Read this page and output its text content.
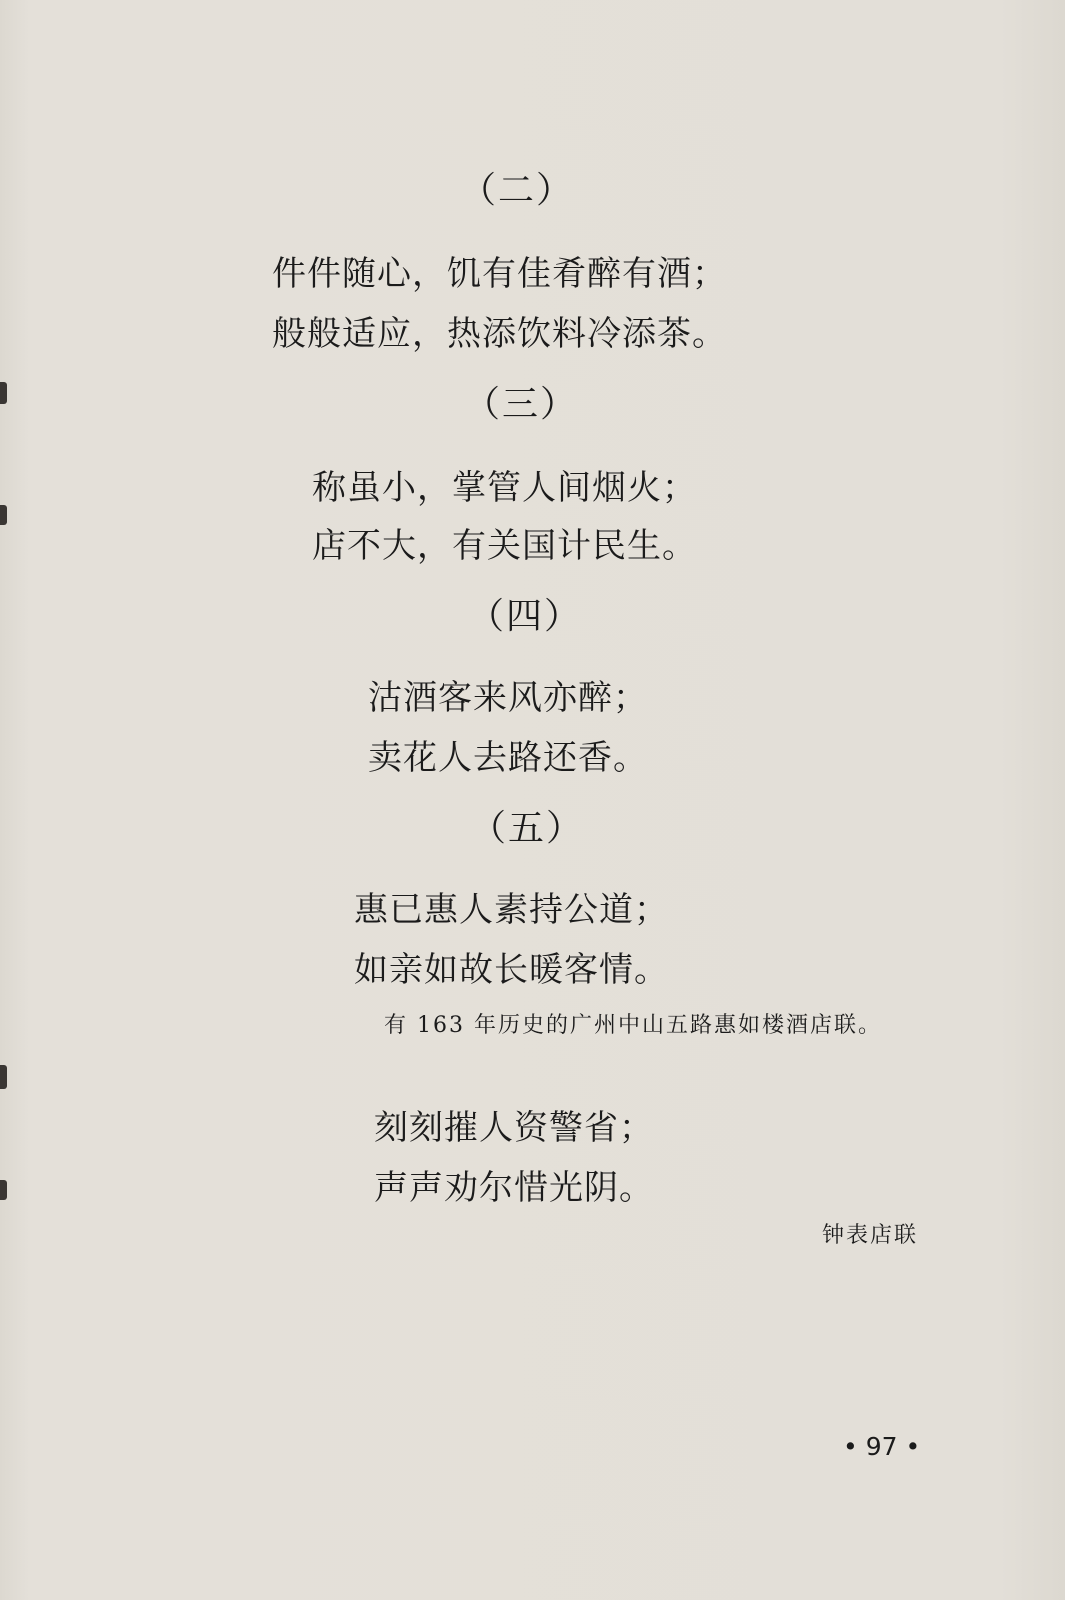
（二）
件件随心，饥有佳肴醉有酒；
般般适应，热添饮料冷添茶。
（三）
称虽小，掌管人间烟火；
店不大，有关国计民生。
（四）
沽酒客来风亦醉；
卖花人去路还香。
（五）
惠已惠人素持公道；
如亲如故长暖客情。
有 163 年历史的广州中山五路惠如楼酒店联。
刻刻摧人资警省；
声声劝尔惜光阴。
钟表店联
• 97 •
